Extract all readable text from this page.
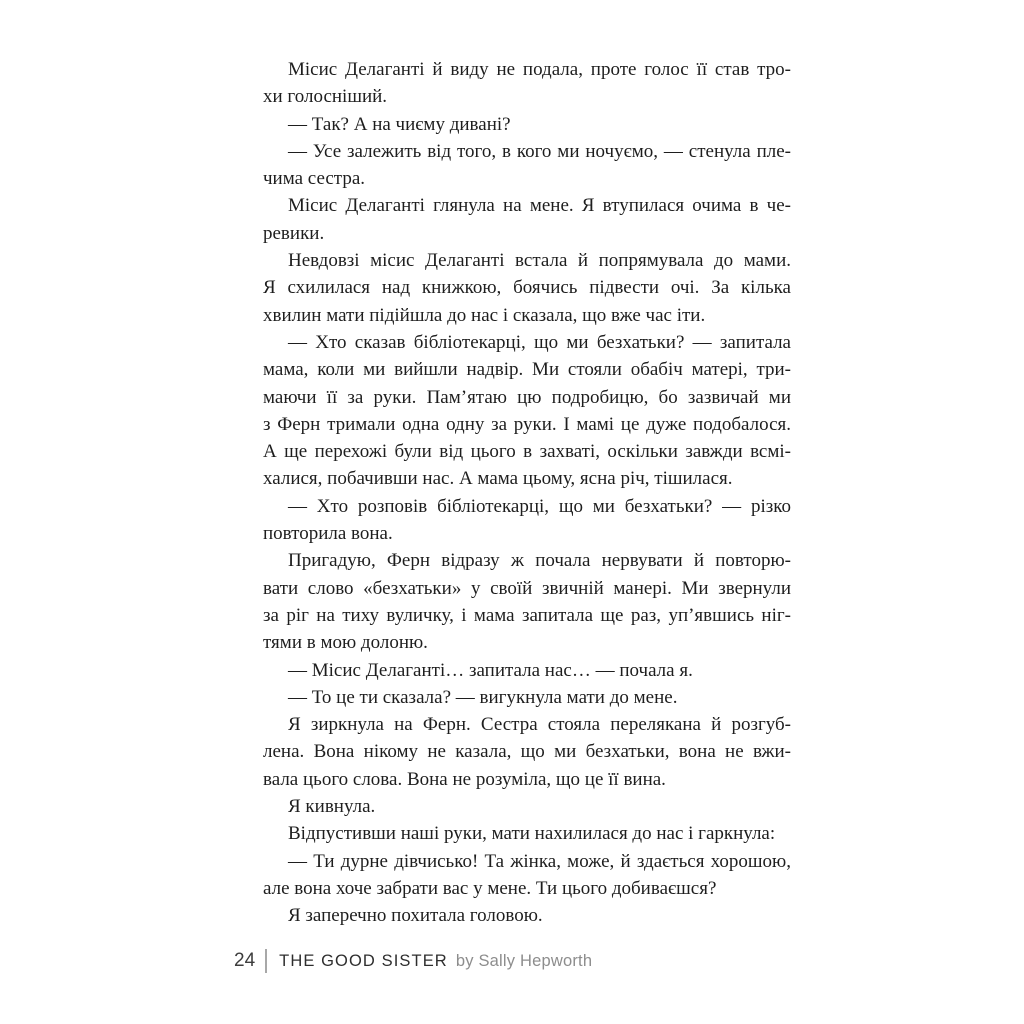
Місис Делаганті й виду не подала, проте голос її став тро-
хи голосніший.
— Так? А на чиєму дивані?
— Усе залежить від того, в кого ми ночуємо, — стенула пле-
чима сестра.
Місис Делаганті глянула на мене. Я втупилася очима в че-
ревики.
Невдовзі місис Делаганті встала й попрямувала до мами.
Я схилилася над книжкою, боячись підвести очі. За кілька
хвилин мати підійшла до нас і сказала, що вже час іти.
— Хто сказав бібліотекарці, що ми безхатьки? — запитала
мама, коли ми вийшли надвір. Ми стояли обабіч матері, три-
маючи її за руки. Пам’ятаю цю подробицю, бо зазвичай ми
з Ферн тримали одна одну за руки. І мамі це дуже подобалося.
А ще перехожі були від цього в захваті, оскільки завжди всмі-
халися, побачивши нас. А мама цьому, ясна річ, тішилася.
— Хто розповів бібліотекарці, що ми безхатьки? — різко
повторила вона.
Пригадую, Ферн відразу ж почала нервувати й повторю-
вати слово «безхатьки» у своїй звичній манері. Ми звернули
за ріг на тиху вуличку, і мама запитала ще раз, уп’явшись ніг-
тями в мою долоню.
— Місис Делаганті… запитала нас… — почала я.
— То це ти сказала? — вигукнула мати до мене.
Я зиркнула на Ферн. Сестра стояла перелякана й розгуб-
лена. Вона нікому не казала, що ми безхатьки, вона не вжи-
вала цього слова. Вона не розуміла, що це її вина.
Я кивнула.
Відпустивши наші руки, мати нахилилася до нас і гаркнула:
— Ти дурне дівчисько! Та жінка, може, й здається хорошою,
але вона хоче забрати вас у мене. Ти цього добиваєшся?
Я заперечно похитала головою.
24 THE GOOD SISTER by Sally Hepworth
